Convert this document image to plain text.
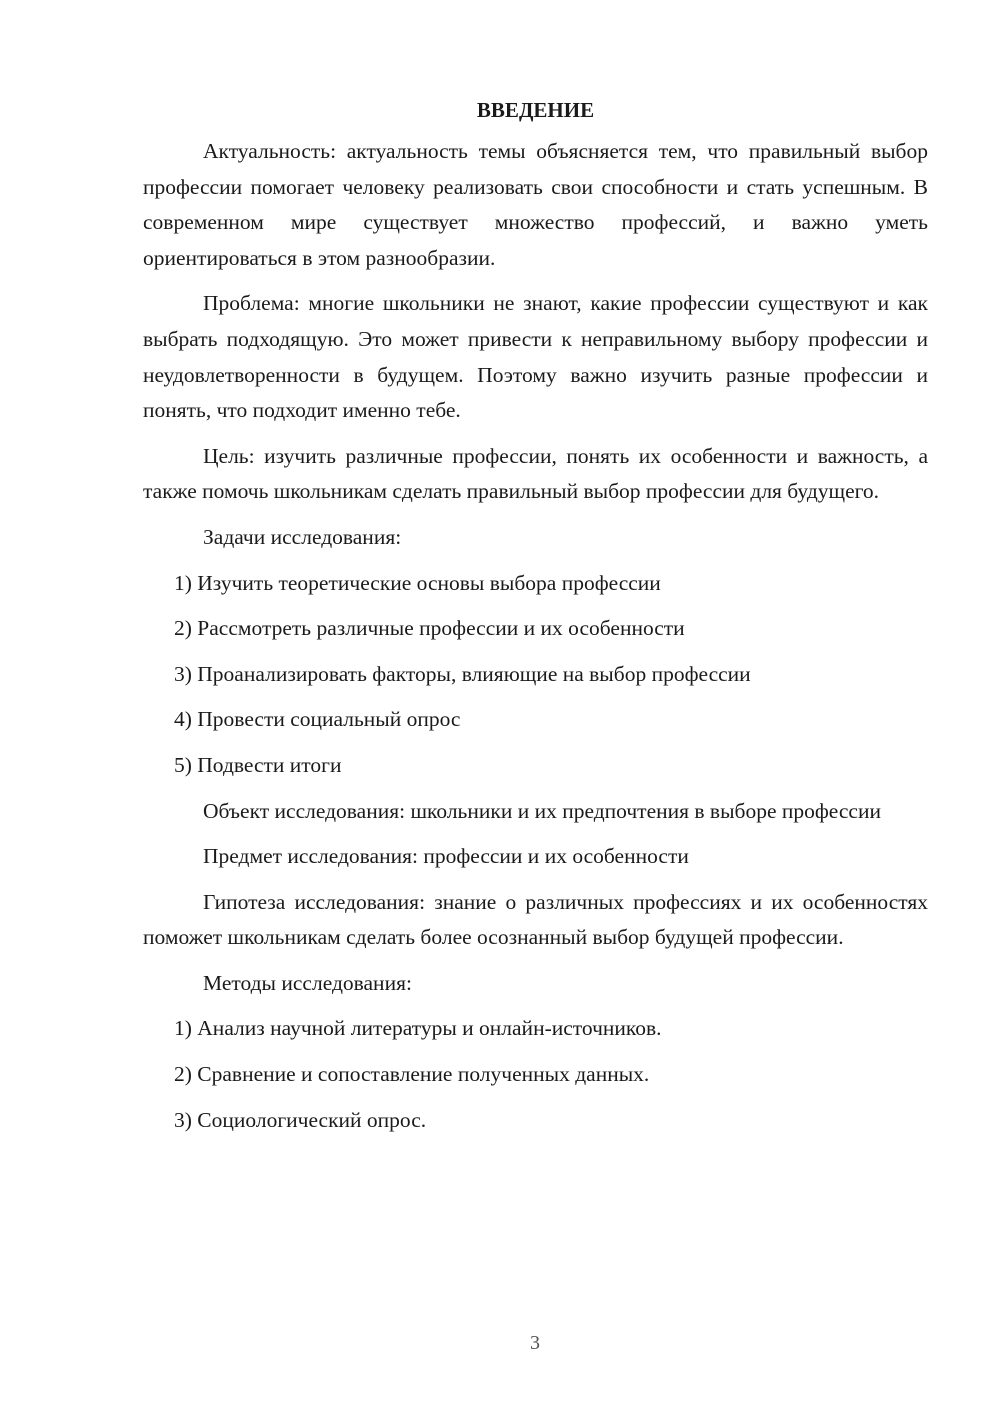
ВВЕДЕНИЕ

Актуальность: актуальность темы объясняется тем, что правильный выбор профессии помогает человеку реализовать свои способности и стать успешным. В современном мире существует множество профессий, и важно уметь ориентироваться в этом разнообразии.

Проблема: многие школьники не знают, какие профессии существуют и как выбрать подходящую. Это может привести к неправильному выбору профессии и неудовлетворенности в будущем. Поэтому важно изучить разные профессии и понять, что подходит именно тебе.

Цель: изучить различные профессии, понять их особенности и важность, а также помочь школьникам сделать правильный выбор профессии для будущего.

Задачи исследования:

1) Изучить теоретические основы выбора профессии

2) Рассмотреть различные профессии и их особенности

3) Проанализировать факторы, влияющие на выбор профессии

4) Провести социальный опрос

5) Подвести итоги

Объект исследования: школьники и их предпочтения в выборе профессии

Предмет исследования: профессии и их особенности

Гипотеза исследования: знание о различных профессиях и их особенностях поможет школьникам сделать более осознанный выбор будущей профессии.

Методы исследования:

1) Анализ научной литературы и онлайн-источников.

2) Сравнение и сопоставление полученных данных.

3) Социологический опрос.

3
